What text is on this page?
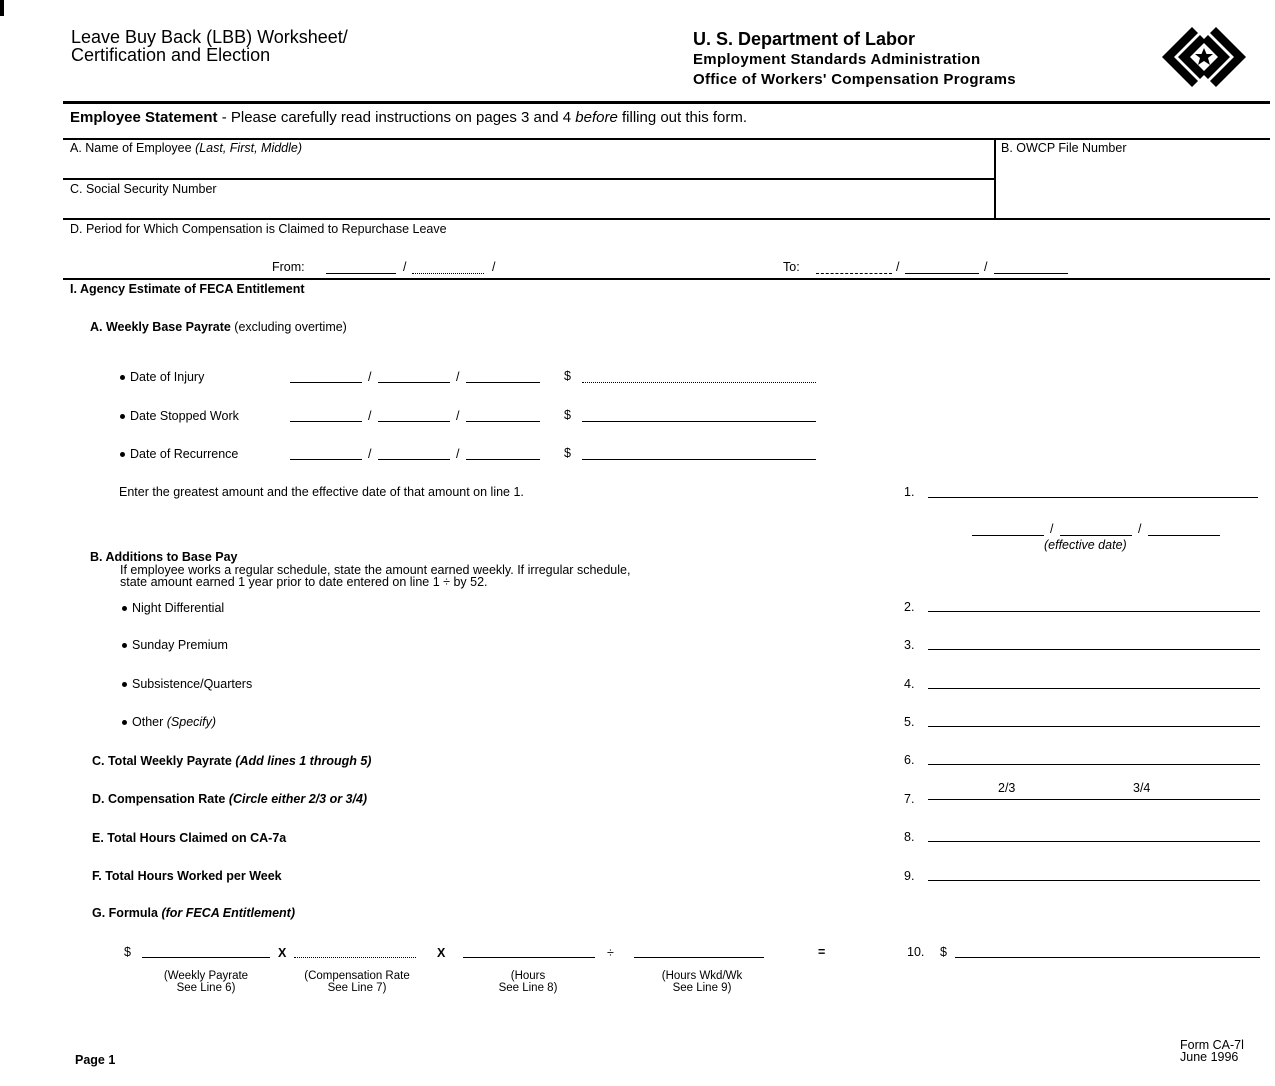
Leave Buy Back (LBB) Worksheet/
Certification and Election
U. S. Department of Labor
Employment Standards Administration
Office of Workers' Compensation Programs
Employee Statement - Please carefully read instructions on pages 3 and 4 before filling out this form.
A. Name of Employee (Last, First, Middle)	B. OWCP File Number
C. Social Security Number
D. Period for Which Compensation is Claimed to Repurchase Leave
From:	/	/	To:	/	/
I. Agency Estimate of FECA Entitlement
A. Weekly Base Payrate (excluding overtime)
Date of Injury	/	/	$
Date Stopped Work	/	/	$
Date of Recurrence	/	/	$
Enter the greatest amount and the effective date of that amount on line 1.	1.
/	/
(effective date)
B. Additions to Base Pay
If employee works a regular schedule, state the amount earned weekly. If irregular schedule,
state amount earned 1 year prior to date entered on line 1 ÷ by 52.
Night Differential	2.
Sunday Premium	3.
Subsistence/Quarters	4.
Other (Specify)	5.
C. Total Weekly Payrate (Add lines 1 through 5)	6.
D. Compensation Rate (Circle either 2/3 or 3/4)	7.
2/3	3/4
E. Total Hours Claimed on CA-7a	8.
F. Total Hours Worked per Week	9.
G. Formula (for FECA Entitlement)
$	X	X	÷	=
(Weekly Payrate
See Line 6)
(Compensation Rate
See Line 7)
(Hours
See Line 8)
(Hours Wkd/Wk
See Line 9)
10. $
Page 1
Form CA-7l
June 1996
